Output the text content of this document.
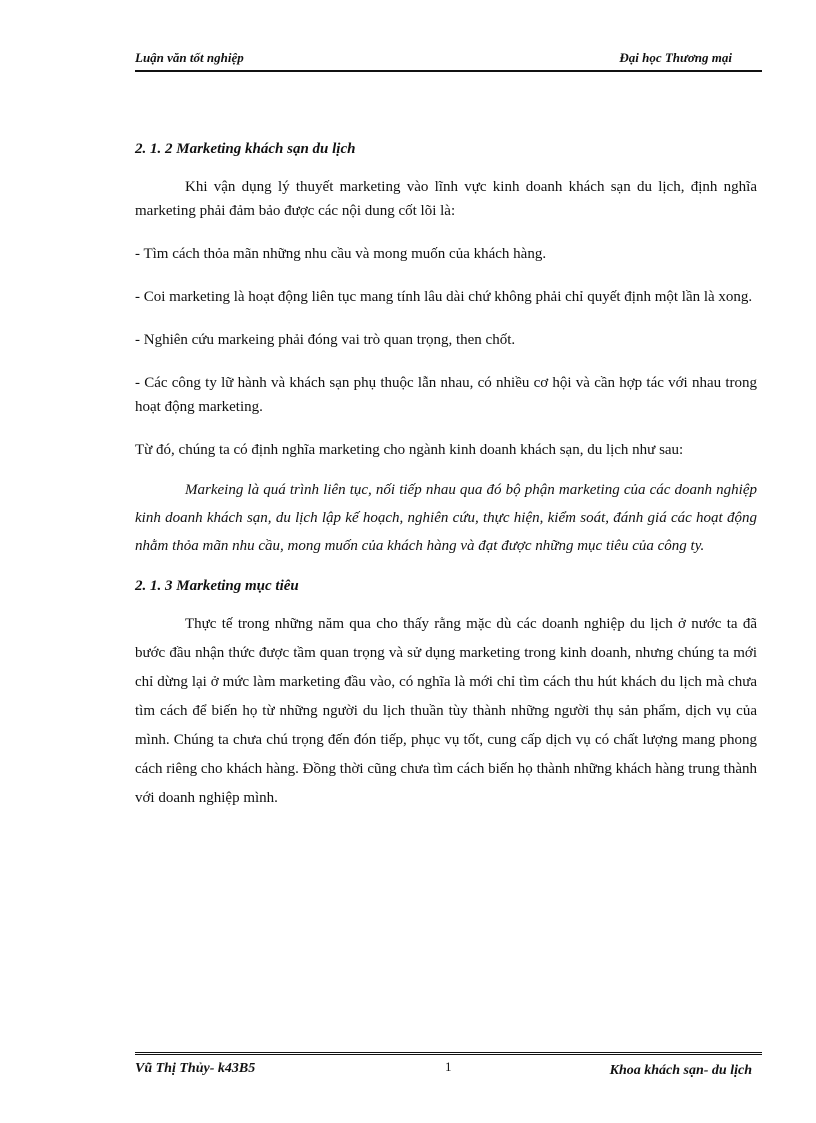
Luận văn tốt nghiệp	Đại học Thương mại
2. 1. 2 Marketing khách sạn du lịch

Khi vận dụng lý thuyết marketing vào lĩnh vực kinh doanh khách sạn du lịch, định nghĩa marketing phải đảm bảo được các nội dung cốt lõi là:

- Tìm cách thỏa mãn những nhu cầu và mong muốn của khách hàng.

- Coi marketing là hoạt động liên tục mang tính lâu dài chứ không phải chỉ quyết định một lần là xong.

- Nghiên cứu markeing phải đóng vai trò quan trọng, then chốt.

- Các công ty lữ hành và khách sạn phụ thuộc lẫn nhau, có nhiều cơ hội và cần hợp tác với nhau trong hoạt động marketing.

Từ đó, chúng ta có định nghĩa marketing cho ngành kinh doanh khách sạn, du lịch như sau:

Markeing là quá trình liên tục, nối tiếp nhau qua đó bộ phận marketing của các doanh nghiệp kinh doanh khách sạn, du lịch lập kế hoạch, nghiên cứu, thực hiện, kiểm soát, đánh giá các hoạt động nhằm thỏa mãn nhu cầu, mong muốn của khách hàng và đạt được những mục tiêu của công ty.

2. 1. 3 Marketing mục tiêu

Thực tế trong những năm qua cho thấy rằng mặc dù các doanh nghiệp du lịch ở nước ta đã bước đầu nhận thức được tầm quan trọng và sử dụng marketing trong kinh doanh, nhưng chúng ta mới chỉ dừng lại ở mức làm marketing đầu vào, có nghĩa là mới chỉ tìm cách thu hút khách du lịch mà chưa tìm cách để biến họ từ những người du lịch thuần tùy thành những người thụ sản phẩm, dịch vụ của mình. Chúng ta chưa chú trọng đến đón tiếp, phục vụ tốt, cung cấp dịch vụ có chất lượng mang phong cách riêng cho khách hàng. Đồng thời cũng chưa tìm cách biến họ thành những khách hàng trung thành với doanh nghiệp mình.

Vũ Thị Thủy- k43B5	1	Khoa khách sạn- du lịch
